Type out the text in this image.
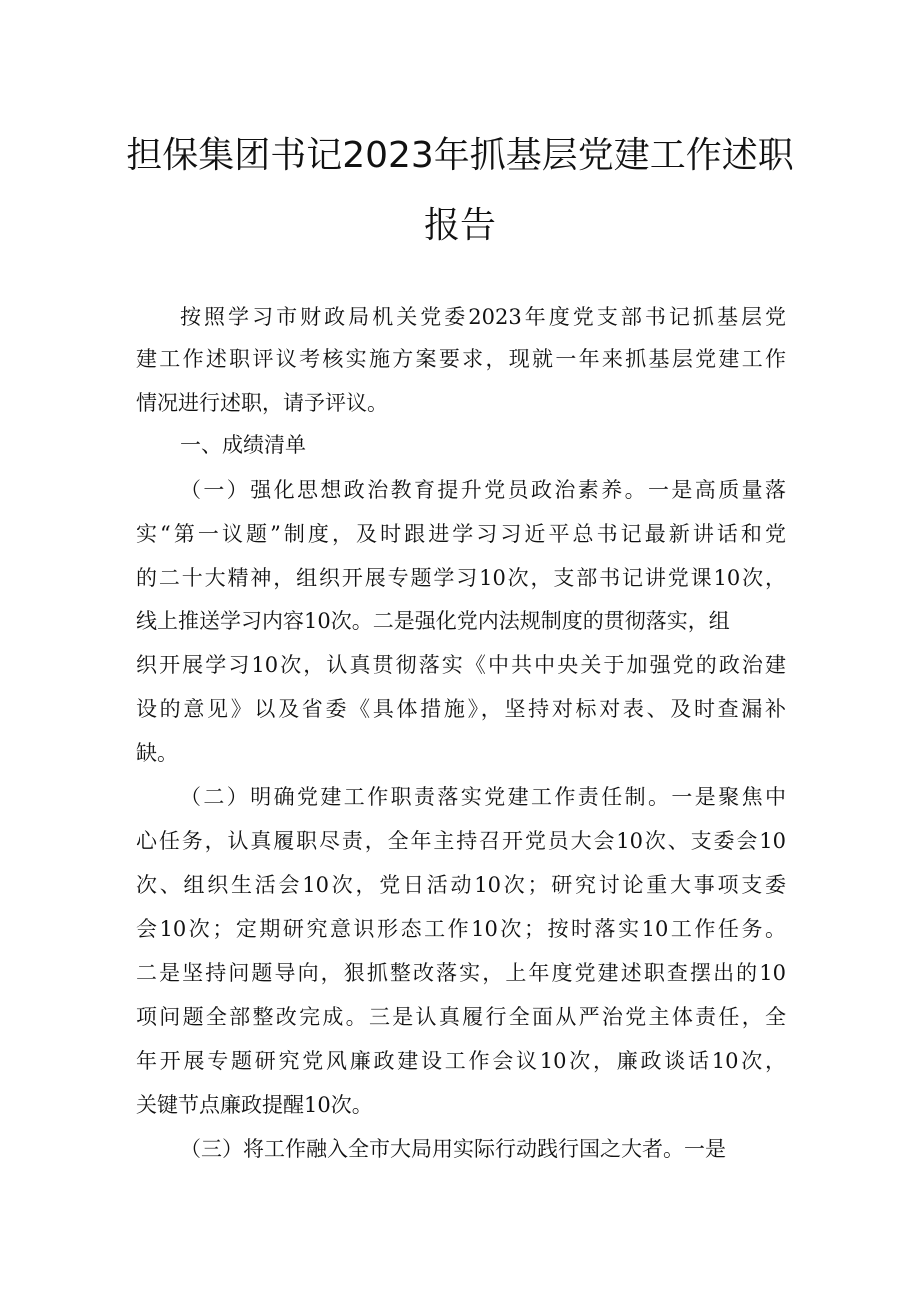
担保集团书记2023年抓基层党建工作述职
报告
按照学习市财政局机关党委2023年度党支部书记抓基层党
建工作述职评议考核实施方案要求，现就一年来抓基层党建工作
情况进行述职，请予评议。
一、成绩清单
（一）强化思想政治教育提升党员政治素养。一是高质量落
实“第一议题”制度，及时跟进学习习近平总书记最新讲话和党
的二十大精神，组织开展专题学习10次，支部书记讲党课10次，
线上推送学习内容10次。二是强化党内法规制度的贯彻落实，组
织开展学习10次，认真贯彻落实《中共中央关于加强党的政治建
设的意见》以及省委《具体措施》，坚持对标对表、及时查漏补
缺。
（二）明确党建工作职责落实党建工作责任制。一是聚焦中
心任务，认真履职尽责，全年主持召开党员大会10次、支委会10
次、组织生活会10次，党日活动10次；研究讨论重大事项支委
会10次；定期研究意识形态工作10次；按时落实10工作任务。
二是坚持问题导向，狠抓整改落实，上年度党建述职查摆出的10
项问题全部整改完成。三是认真履行全面从严治党主体责任，全
年开展专题研究党风廉政建设工作会议10次，廉政谈话10次，
关键节点廉政提醒10次。
（三）将工作融入全市大局用实际行动践行国之大者。一是
